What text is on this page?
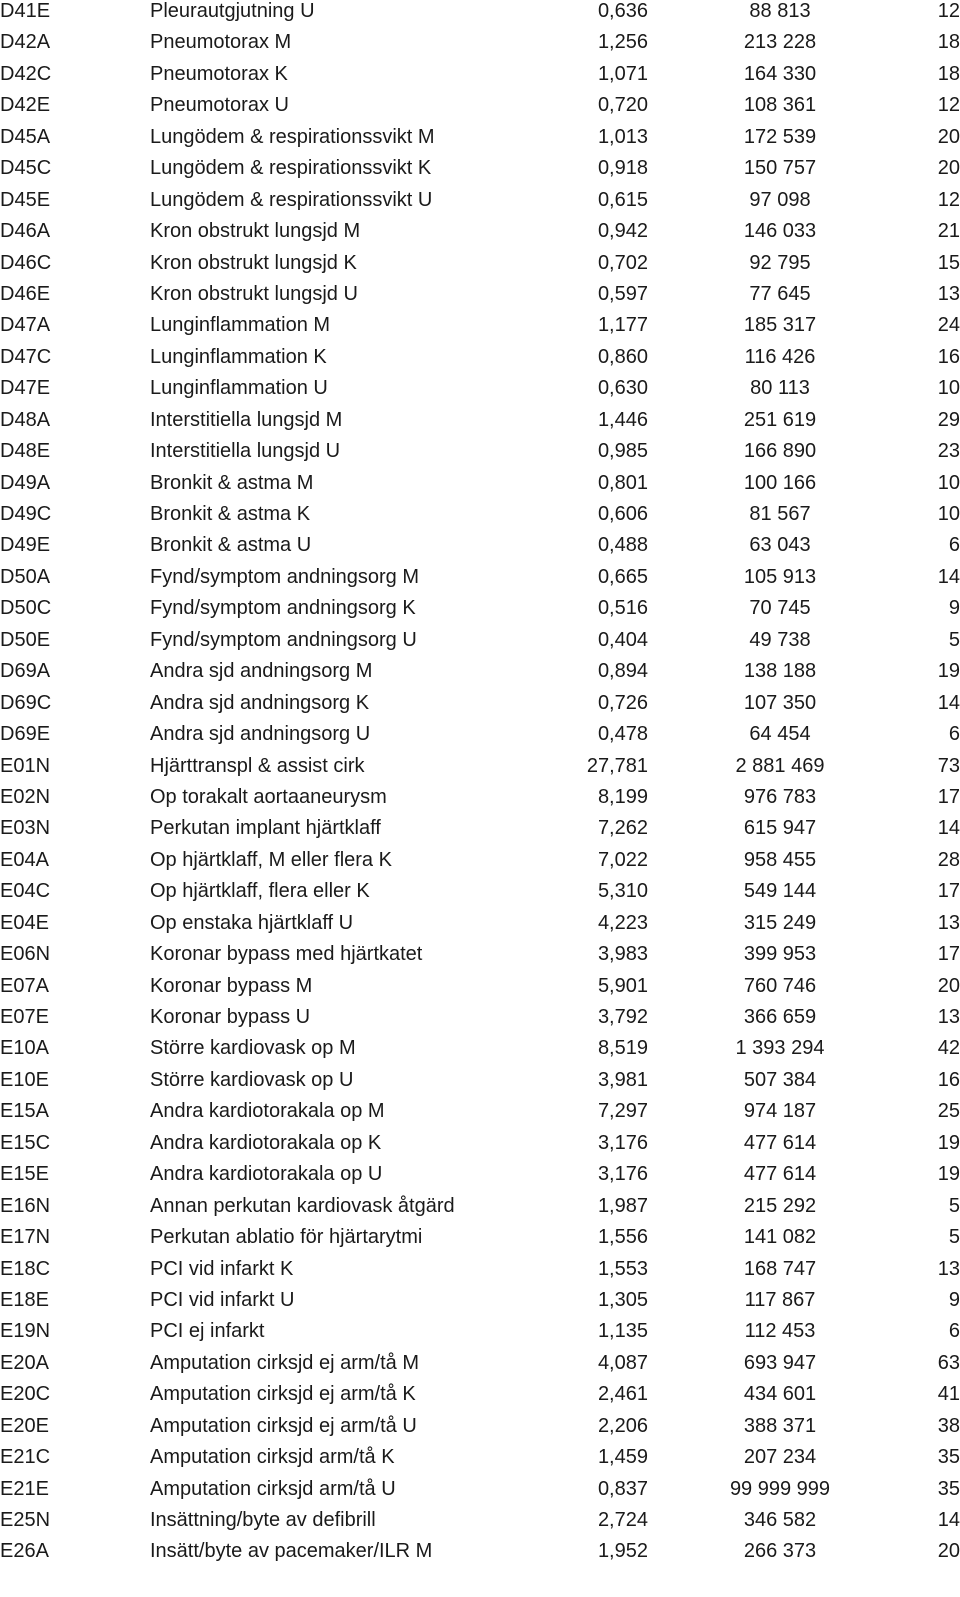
D41E	Pleurautgjutning U	0,636	88 813	12
D42A	Pneumotorax M	1,256	213 228	18
D42C	Pneumotorax K	1,071	164 330	18
D42E	Pneumotorax U	0,720	108 361	12
D45A	Lungödem & respirationssvikt M	1,013	172 539	20
D45C	Lungödem & respirationssvikt K	0,918	150 757	20
D45E	Lungödem & respirationssvikt U	0,615	97 098	12
D46A	Kron obstrukt lungsjd M	0,942	146 033	21
D46C	Kron obstrukt lungsjd K	0,702	92 795	15
D46E	Kron obstrukt lungsjd U	0,597	77 645	13
D47A	Lunginflammation M	1,177	185 317	24
D47C	Lunginflammation K	0,860	116 426	16
D47E	Lunginflammation U	0,630	80 113	10
D48A	Interstitiella lungsjd M	1,446	251 619	29
D48E	Interstitiella lungsjd U	0,985	166 890	23
D49A	Bronkit & astma M	0,801	100 166	10
D49C	Bronkit & astma K	0,606	81 567	10
D49E	Bronkit & astma U	0,488	63 043	6
D50A	Fynd/symptom andningsorg M	0,665	105 913	14
D50C	Fynd/symptom andningsorg K	0,516	70 745	9
D50E	Fynd/symptom andningsorg U	0,404	49 738	5
D69A	Andra sjd andningsorg M	0,894	138 188	19
D69C	Andra sjd andningsorg K	0,726	107 350	14
D69E	Andra sjd andningsorg U	0,478	64 454	6
E01N	Hjärttranspl & assist cirk	27,781	2 881 469	73
E02N	Op torakalt aortaaneurysm	8,199	976 783	17
E03N	Perkutan implant hjärtklaff	7,262	615 947	14
E04A	Op hjärtklaff, M eller flera K	7,022	958 455	28
E04C	Op hjärtklaff, flera eller K	5,310	549 144	17
E04E	Op enstaka hjärtklaff U	4,223	315 249	13
E06N	Koronar bypass med hjärtkatet	3,983	399 953	17
E07A	Koronar bypass M	5,901	760 746	20
E07E	Koronar bypass U	3,792	366 659	13
E10A	Större kardiovask op M	8,519	1 393 294	42
E10E	Större kardiovask op U	3,981	507 384	16
E15A	Andra kardiotorakala op M	7,297	974 187	25
E15C	Andra kardiotorakala op K	3,176	477 614	19
E15E	Andra kardiotorakala op U	3,176	477 614	19
E16N	Annan perkutan kardiovask åtgärd	1,987	215 292	5
E17N	Perkutan ablatio för hjärtarytmi	1,556	141 082	5
E18C	PCI vid infarkt K	1,553	168 747	13
E18E	PCI vid infarkt U	1,305	117 867	9
E19N	PCI ej infarkt	1,135	112 453	6
E20A	Amputation cirksjd ej arm/tå M	4,087	693 947	63
E20C	Amputation cirksjd ej arm/tå K	2,461	434 601	41
E20E	Amputation cirksjd ej arm/tå U	2,206	388 371	38
E21C	Amputation cirksjd arm/tå K	1,459	207 234	35
E21E	Amputation cirksjd arm/tå U	0,837	99 999 999	35
E25N	Insättning/byte av defibrill	2,724	346 582	14
E26A	Insätt/byte av pacemaker/ILR M	1,952	266 373	20
